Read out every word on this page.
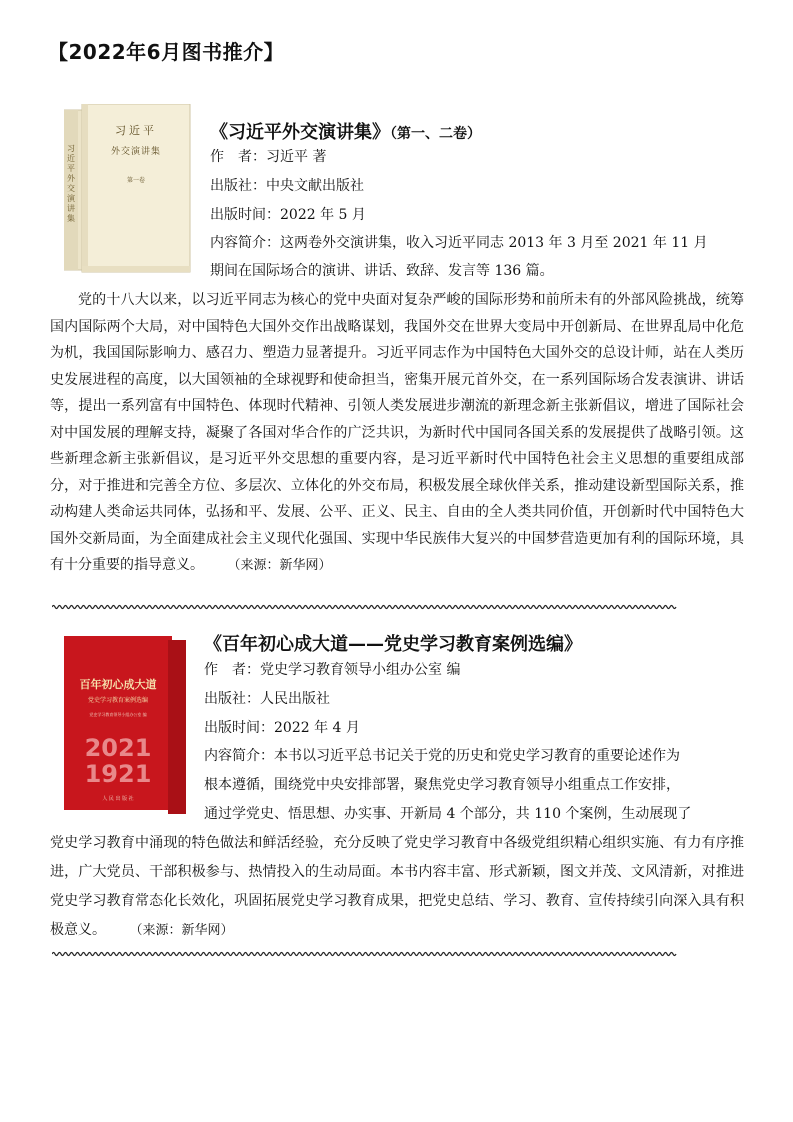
【2022年6月图书推介】
习近平外交演讲集
习近平
外交演讲集
第一卷
《习近平外交演讲集》（第一、二卷）
作　者：习近平 著
出版社：中央文献出版社
出版时间：2022 年 5 月
内容简介：这两卷外交演讲集，收入习近平同志 2013 年 3 月至 2021 年 11 月
期间在国际场合的演讲、讲话、致辞、发言等 136 篇。
党的十八大以来，以习近平同志为核心的党中央面对复杂严峻的国际形势和前所未有的外部风险挑战，统筹国内国际两个大局，对中国特色大国外交作出战略谋划，我国外交在世界大变局中开创新局、在世界乱局中化危为机，我国国际影响力、感召力、塑造力显著提升。习近平同志作为中国特色大国外交的总设计师，站在人类历史发展进程的高度，以大国领袖的全球视野和使命担当，密集开展元首外交，在一系列国际场合发表演讲、讲话等，提出一系列富有中国特色、体现时代精神、引领人类发展进步潮流的新理念新主张新倡议，增进了国际社会对中国发展的理解支持，凝聚了各国对华合作的广泛共识，为新时代中国同各国关系的发展提供了战略引领。这些新理念新主张新倡议，是习近平外交思想的重要内容，是习近平新时代中国特色社会主义思想的重要组成部分，对于推进和完善全方位、多层次、立体化的外交布局，积极发展全球伙伴关系，推动建设新型国际关系，推动构建人类命运共同体，弘扬和平、发展、公平、正义、民主、自由的全人类共同价值，开创新时代中国特色大国外交新局面，为全面建成社会主义现代化强国、实现中华民族伟大复兴的中国梦营造更加有利的国际环境，具有十分重要的指导意义。 （来源：新华网）
百年初心成大道
党史学习教育案例选编
党史学习教育领导小组办公室 编
2021
1921
人 民 出 版 社
《百年初心成大道——党史学习教育案例选编》
作　者：党史学习教育领导小组办公室 编
出版社：人民出版社
出版时间：2022 年 4 月
内容简介：本书以习近平总书记关于党的历史和党史学习教育的重要论述作为
根本遵循，围绕党中央安排部署，聚焦党史学习教育领导小组重点工作安排，
通过学党史、悟思想、办实事、开新局 4 个部分，共 110 个案例，生动展现了
党史学习教育中涌现的特色做法和鲜活经验，充分反映了党史学习教育中各级党组织精心组织实施、有力有序推进，广大党员、干部积极参与、热情投入的生动局面。本书内容丰富、形式新颖，图文并茂、文风清新，对推进党史学习教育常态化长效化，巩固拓展党史学习教育成果，把党史总结、学习、教育、宣传持续引向深入具有积极意义。 （来源：新华网）
